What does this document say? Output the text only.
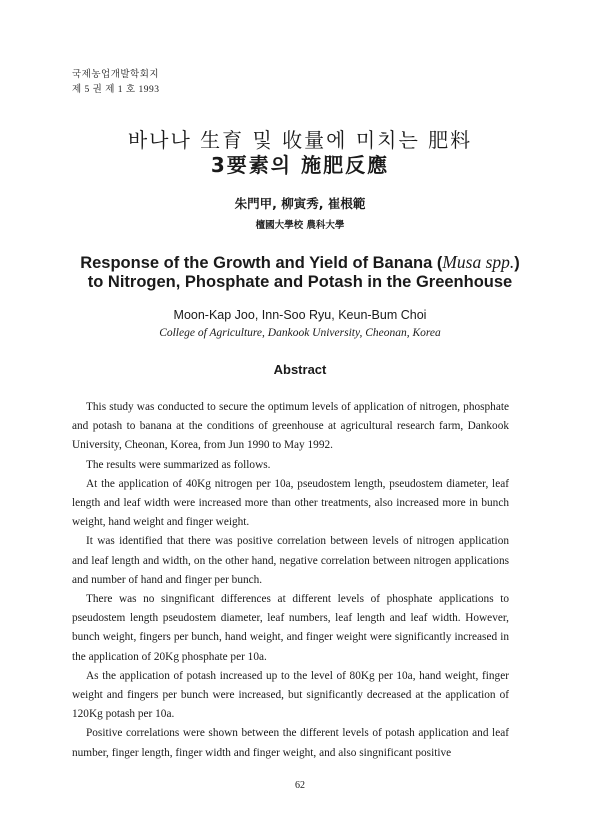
국제농업개발학회지
제 5 권 제 1 호 1993
바나나 生育 및 收量에 미치는 肥料
3要素의 施肥反應
朱門甲, 柳寅秀, 崔根範
檀國大學校 農科大學
Response of the Growth and Yield of Banana (Musa spp.)
to Nitrogen, Phosphate and Potash in the Greenhouse
Moon-Kap Joo, Inn-Soo Ryu, Keun-Bum Choi
College of Agriculture, Dankook University, Cheonan, Korea
Abstract

This study was conducted to secure the optimum levels of application of nitrogen, phosphate and potash to banana at the conditions of greenhouse at agricultural research farm, Dankook University, Cheonan, Korea, from Jun 1990 to May 1992.

The results were summarized as follows.

At the application of 40Kg nitrogen per 10a, pseudostem length, pseudostem diameter, leaf length and leaf width were increased more than other treatments, also increased more in bunch weight, hand weight and finger weight.

It was identified that there was positive correlation between levels of nitrogen application and leaf length and width, on the other hand, negative correlation between nitrogen applications and number of hand and finger per bunch.

There was no singnificant differences at different levels of phosphate applications to pseudostem length pseudostem diameter, leaf numbers, leaf length and leaf width. However, bunch weight, fingers per bunch, hand weight, and finger weight were significantly increased in the application of 20Kg phosphate per 10a.

As the application of potash increased up to the level of 80Kg per 10a, hand weight, finger weight and fingers per bunch were increased, but significantly decreased at the application of 120Kg potash per 10a.

Positive correlations were shown between the different levels of potash application and leaf number, finger length, finger width and finger weight, and also singnificant positive

62
